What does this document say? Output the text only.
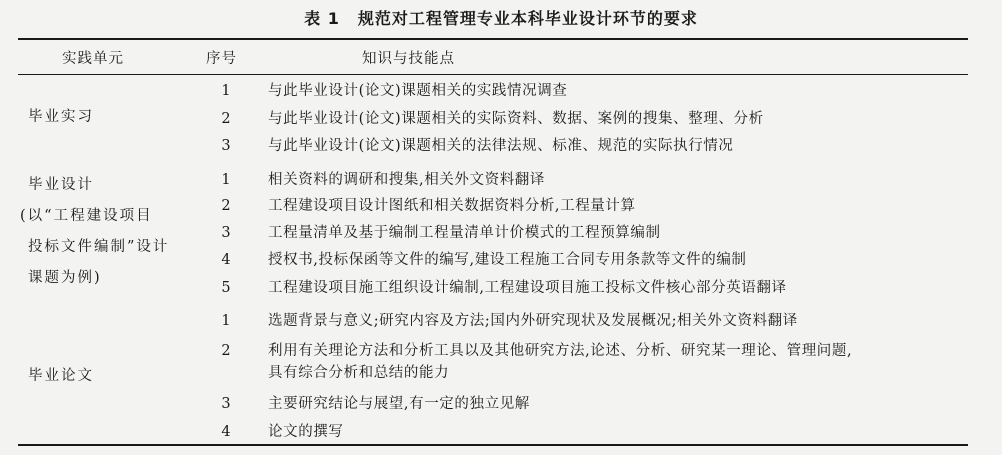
表 1 规范对工程管理专业本科毕业设计环节的要求
实践单元	序号	知识与技能点
毕业实习
1	与此毕业设计(论文)课题相关的实践情况调查
2	与此毕业设计(论文)课题相关的实际资料、数据、案例的搜集、整理、分析
3	与此毕业设计(论文)课题相关的法律法规、标准、规范的实际执行情况
毕业设计
(以“工程建设项目
投标文件编制”设计
课题为例)
1	相关资料的调研和搜集,相关外文资料翻译
2	工程建设项目设计图纸和相关数据资料分析,工程量计算
3	工程量清单及基于编制工程量清单计价模式的工程预算编制
4	授权书,投标保函等文件的编写,建设工程施工合同专用条款等文件的编制
5	工程建设项目施工组织设计编制,工程建设项目施工投标文件核心部分英语翻译
毕业论文
1	选题背景与意义;研究内容及方法;国内外研究现状及发展概况;相关外文资料翻译
2	利用有关理论方法和分析工具以及其他研究方法,论述、分析、研究某一理论、管理问题,
具有综合分析和总结的能力
3	主要研究结论与展望,有一定的独立见解
4	论文的撰写
